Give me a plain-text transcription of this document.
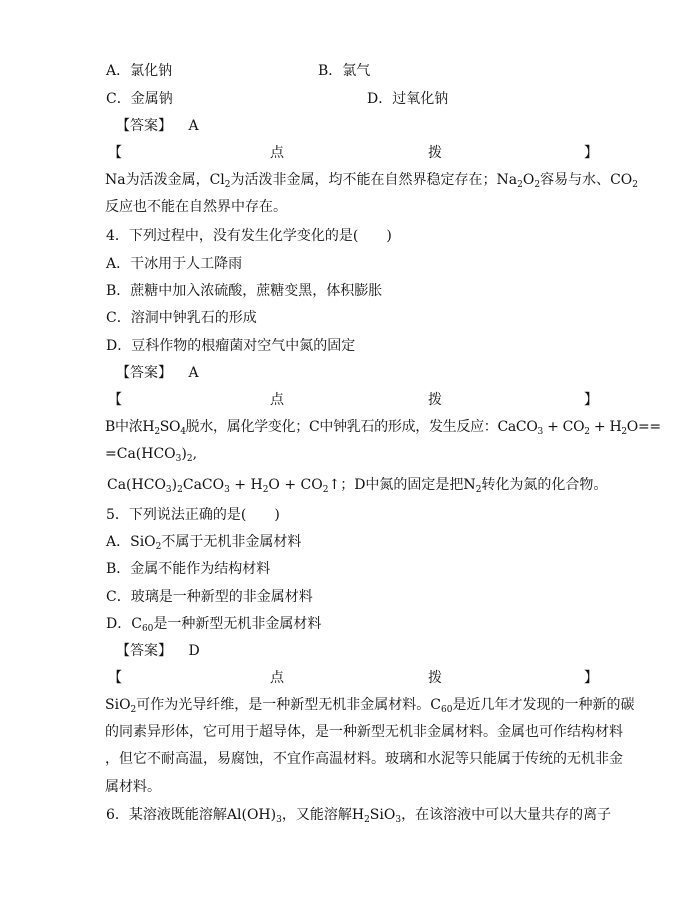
A．氯化钠	B．氯气
C．金属钠	D．过氧化钠
【答案】 A
【	点	拨	】
Na为活泼金属，$Cl_2$为活泼非金属，均不能在自然界稳定存在；$Na_2O_2$容易与水、$CO_2$
反应也不能在自然界中存在。
4．下列过程中，没有发生化学变化的是(　　)
A．干冰用于人工降雨
B．蔗糖中加入浓硫酸，蔗糖变黑，体积膨胀
C．溶洞中钟乳石的形成
D．豆科作物的根瘤菌对空气中氮的固定
【答案】 A
【	点	拨	】
B中浓$H_2SO_4$脱水，属化学变化；C中钟乳石的形成，发生反应：CaCO$_3$ + $CO_2 + H_2O==$
$=Ca(HCO_3)_2$,
$Ca(HCO_3)_2CaCO_3 + H_2O$ + $CO_2↑$；D中氮的固定是把$N_2$转化为氮的化合物。
5．下列说法正确的是(　　)
A．SiO$_2$不属于无机非金属材料
B．金属不能作为结构材料
C．玻璃是一种新型的非金属材料
D．$C_{60}$是一种新型无机非金属材料
【答案】 D
【	点	拨	】
SiO$_2$可作为光导纤维，是一种新型无机非金属材料。$C_{60}$是近几年才发现的一种新的碳
的同素异形体，它可用于超导体，是一种新型无机非金属材料。金属也可作结构材料
，但它不耐高温，易腐蚀，不宜作高温材料。玻璃和水泥等只能属于传统的无机非金
属材料。
6．某溶液既能溶解$Al(OH)_3$，又能溶解$H_2SiO_3$，在该溶液中可以大量共存的离子
